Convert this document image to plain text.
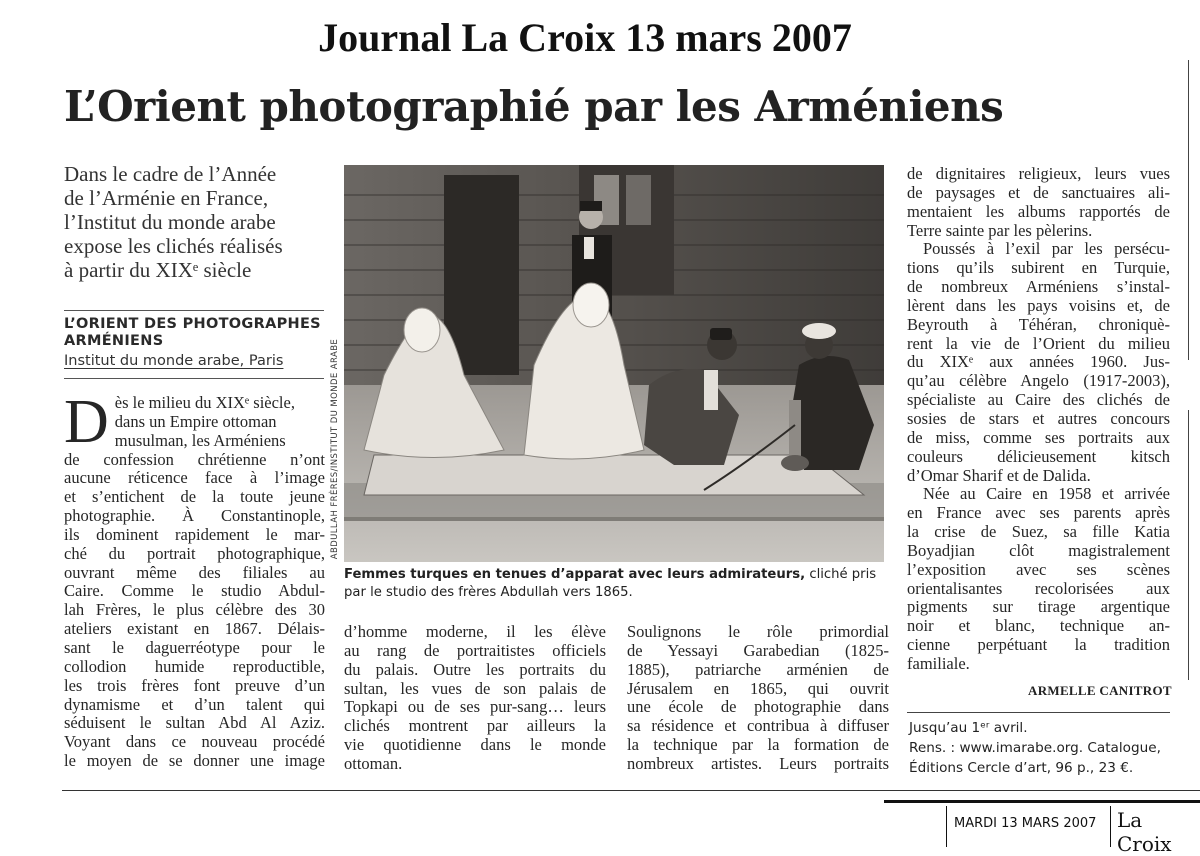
Journal La Croix 13 mars 2007
L’Orient photographié par les Arméniens
Dans le cadre de l’Année
de l’Arménie en France,
l’Institut du monde arabe
expose les clichés réalisés
à partir du XIXᵉ siècle
L’ORIENT DES PHOTOGRAPHES
ARMÉNIENS
Institut du monde arabe, Paris
D ès le milieu du XIXᵉ siècle,
dans un Empire ottoman
musulman, les Arméniens
de confession chrétienne n’ont
aucune réticence face à l’image
et s’entichent de la toute jeune
photographie. À Constantinople,
ils dominent rapidement le mar-
ché du portrait photographique,
ouvrant même des filiales au
Caire. Comme le studio Abdul-
lah Frères, le plus célèbre des 30
ateliers existant en 1867. Délais-
sant le daguerréotype pour le
collodion humide reproductible,
les trois frères font preuve d’un
dynamisme et d’un talent qui
séduisent le sultan Abd Al Aziz.
Voyant dans ce nouveau procédé
le moyen de se donner une image
ABDULLAH FRÈRES/INSTITUT DU MONDE ARABE
Femmes turques en tenues d’apparat avec leurs admirateurs, cliché pris
par le studio des frères Abdullah vers 1865.
d’homme moderne, il les élève
au rang de portraitistes officiels
du palais. Outre les portraits du
sultan, les vues de son palais de
Topkapi ou de ses pur-sang… leurs
clichés montrent par ailleurs la
vie quotidienne dans le monde
ottoman.
Soulignons le rôle primordial
de Yessayi Garabedian (1825-
1885), patriarche arménien de
Jérusalem en 1865, qui ouvrit
une école de photographie dans
sa résidence et contribua à diffuser
la technique par la formation de
nombreux artistes. Leurs portraits
de dignitaires religieux, leurs vues
de paysages et de sanctuaires ali-
mentaient les albums rapportés de
Terre sainte par les pèlerins.
Poussés à l’exil par les persécu-
tions qu’ils subirent en Turquie,
de nombreux Arméniens s’instal-
lèrent dans les pays voisins et, de
Beyrouth à Téhéran, chroniquè-
rent la vie de l’Orient du milieu
du XIXᵉ aux années 1960. Jus-
qu’au célèbre Angelo (1917-2003),
spécialiste au Caire des clichés de
sosies de stars et autres concours
de miss, comme ses portraits aux
couleurs délicieusement kitsch
d’Omar Sharif et de Dalida.
Née au Caire en 1958 et arrivée
en France avec ses parents après
la crise de Suez, sa fille Katia
Boyadjian clôt magistralement
l’exposition avec ses scènes
orientalisantes recolorisées aux
pigments sur tirage argentique
noir et blanc, technique an-
cienne perpétuant la tradition
familiale.
ARMELLE CANITROT
Jusqu’au 1ᵉʳ avril.
Rens. : www.imarabe.org. Catalogue,
Éditions Cercle d’art, 96 p., 23 €.
MARDI 13 MARS 2007 La Croix
